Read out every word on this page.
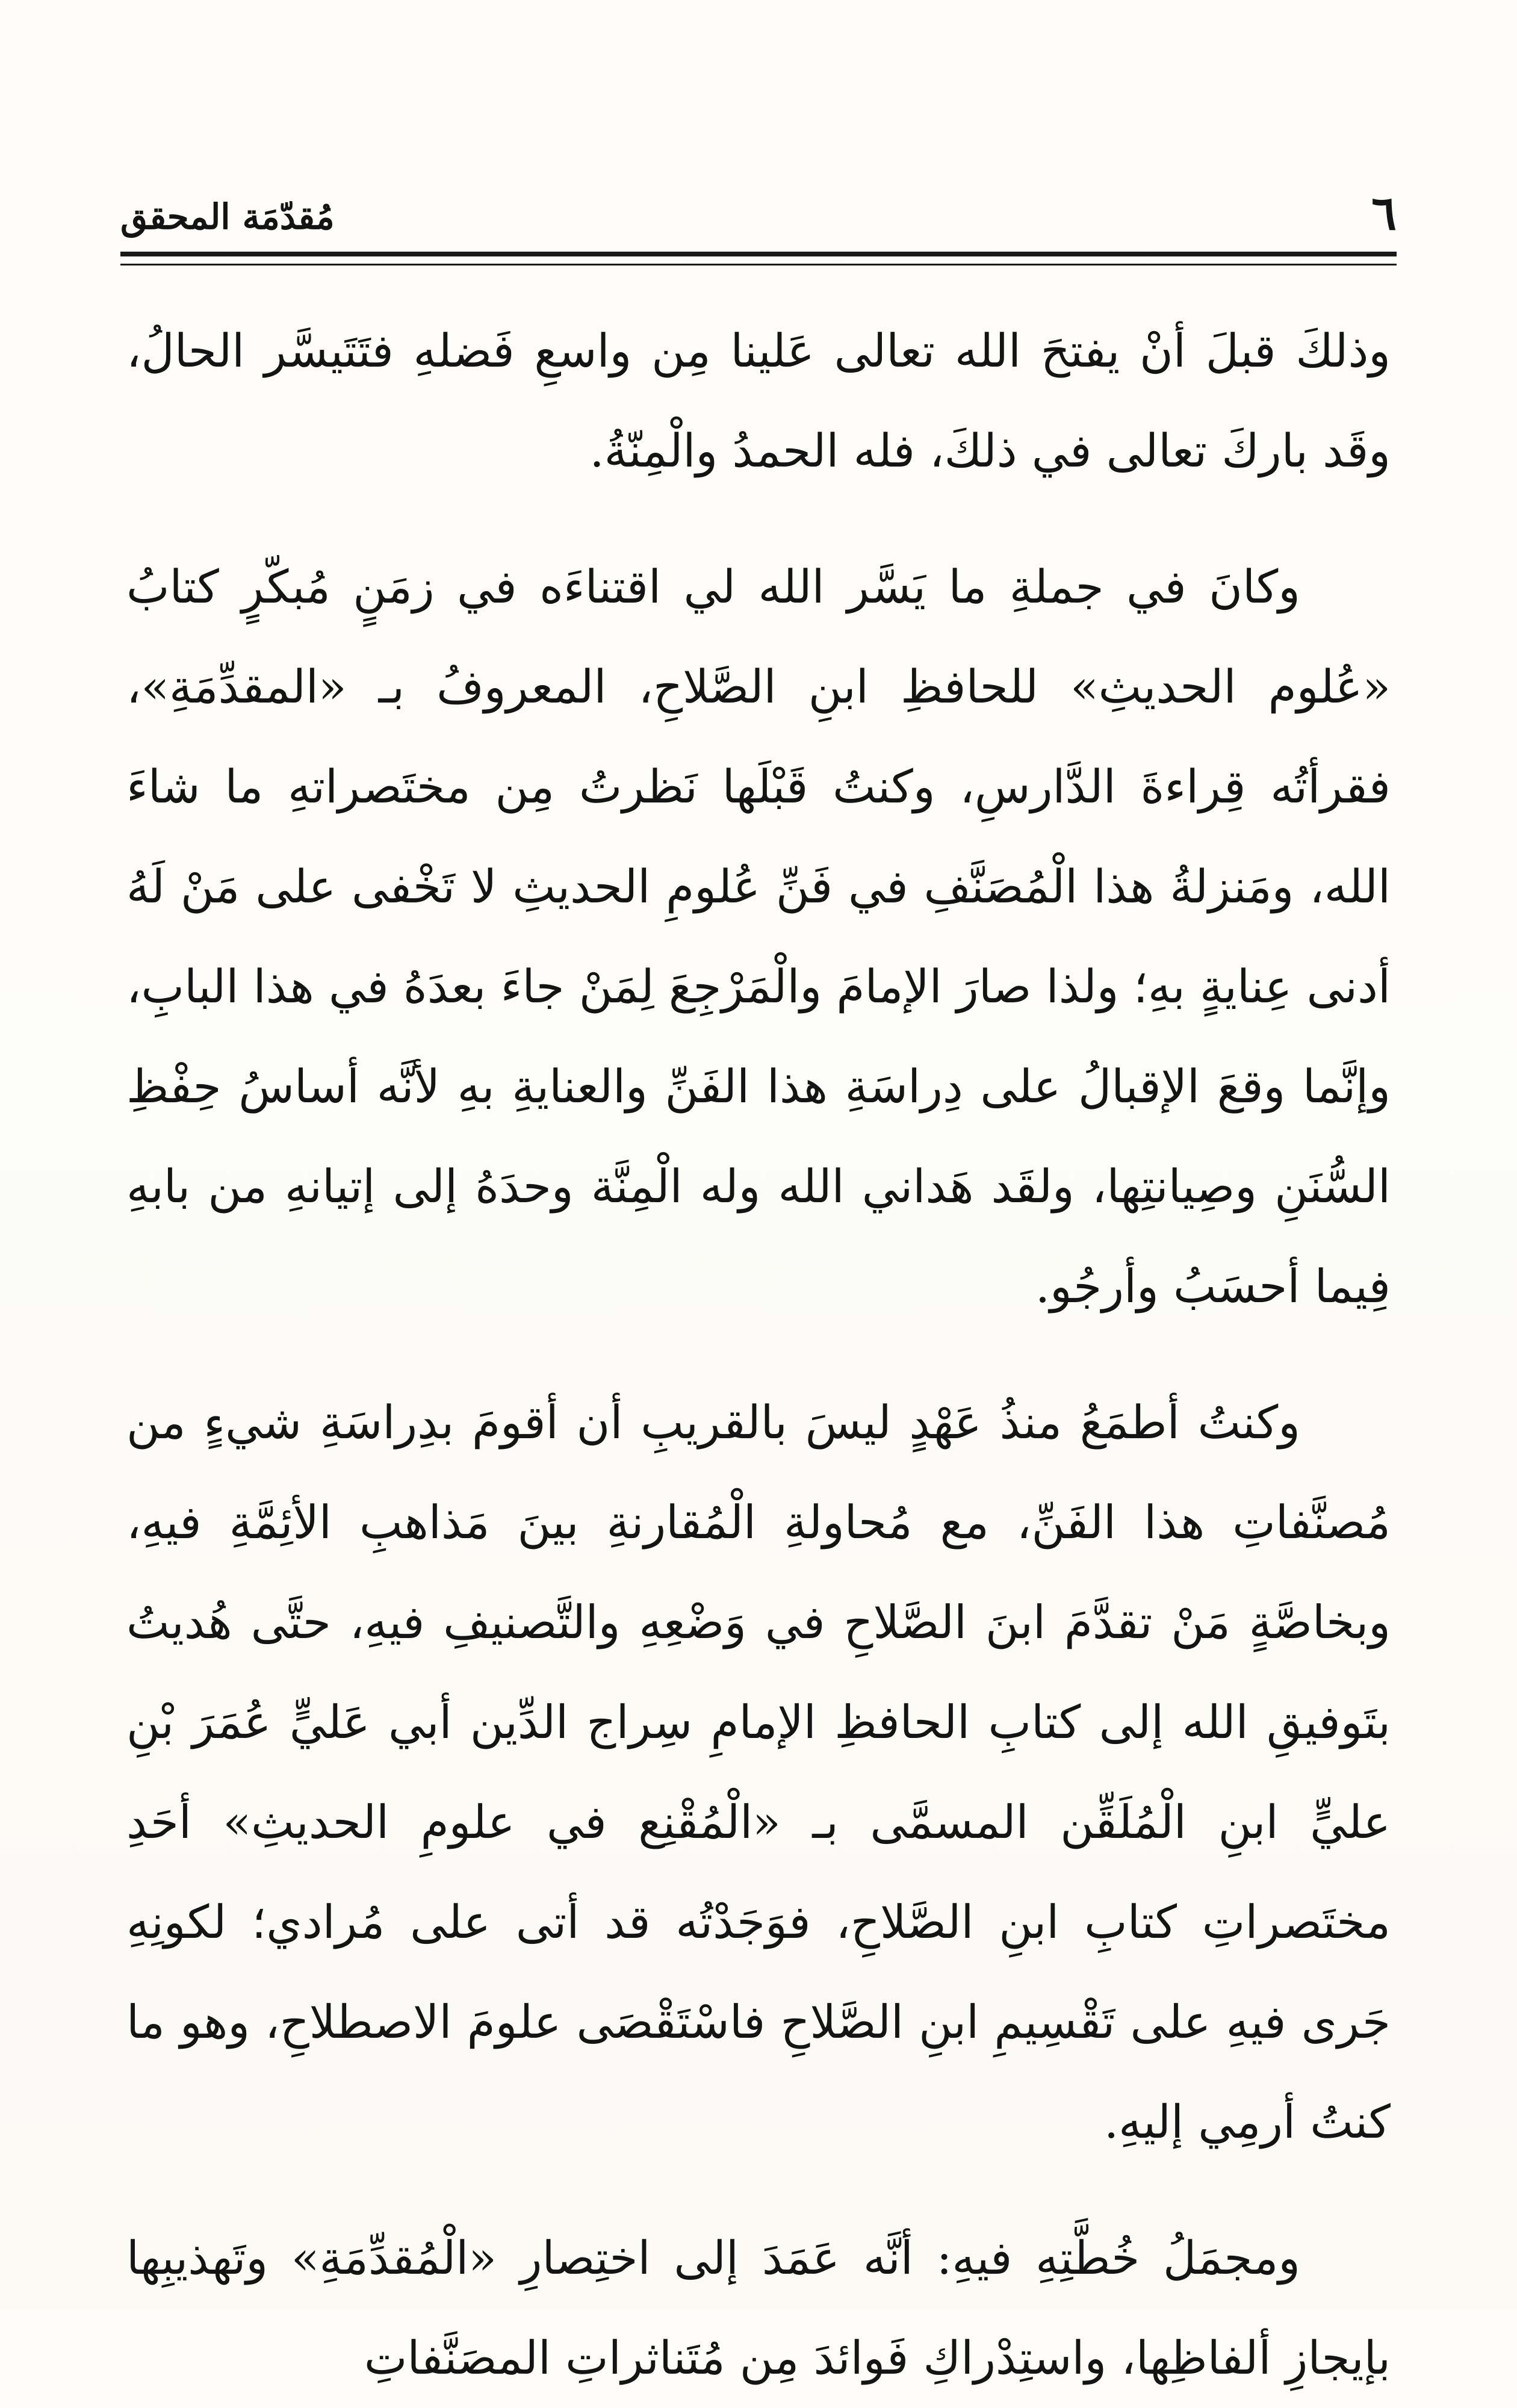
٦
مُقدّمَة المحقق

وذلكَ قبلَ أنْ يفتحَ الله تعالى عَلينا مِن واسعِ فَضلهِ فتَتَيسَّر الحالُ، وقَد باركَ تعالى في ذلكَ، فله الحمدُ والْمِنّةُ.

وكانَ في جملةِ ما يَسَّر الله لي اقتناءَه في زمَنٍ مُبكّرٍ كتابُ «عُلوم الحديثِ» للحافظِ ابنِ الصَّلاحِ، المعروفُ بـ «المقدِّمَةِ»، فقرأتُه قِراءةَ الدَّارسِ، وكنتُ قَبْلَها نَظرتُ مِن مختَصراتهِ ما شاءَ الله، ومَنزلةُ هذا الْمُصَنَّفِ في فَنِّ عُلومِ الحديثِ لا تَخْفى على مَنْ لَهُ أدنى عِنايةٍ بهِ؛ ولذا صارَ الإمامَ والْمَرْجِعَ لِمَنْ جاءَ بعدَهُ في هذا البابِ، وإنَّما وقعَ الإقبالُ على دِراسَةِ هذا الفَنِّ والعنايةِ بهِ لأنَّه أساسُ حِفْظِ السُّنَنِ وصِيانتِها، ولقَد هَداني الله وله الْمِنَّة وحدَهُ إلى إتيانهِ من بابهِ فِيما أحسَبُ وأرجُو.

وكنتُ أطمَعُ منذُ عَهْدٍ ليسَ بالقريبِ أن أقومَ بدِراسَةِ شيءٍ من مُصنَّفاتِ هذا الفَنِّ، مع مُحاولةِ الْمُقارنةِ بينَ مَذاهبِ الأئِمَّةِ فيهِ، وبخاصَّةٍ مَنْ تقدَّمَ ابنَ الصَّلاحِ في وَضْعِهِ والتَّصنيفِ فيهِ، حتَّى هُديتُ بتَوفيقِ الله إلى كتابِ الحافظِ الإمامِ سِراج الدِّين أبي عَليٍّ عُمَرَ بْنِ عليٍّ ابنِ الْمُلَقِّن المسمَّى بـ «الْمُقْنِع في علومِ الحديثِ» أحَدِ مختَصراتِ كتابِ ابنِ الصَّلاحِ، فوَجَدْتُه قد أتى على مُرادي؛ لكونِهِ جَرى فيهِ على تَقْسِيمِ ابنِ الصَّلاحِ فاسْتَقْصَى علومَ الاصطلاحِ، وهو ما كنتُ أرمِي إليهِ.

ومجمَلُ خُطَّتِهِ فيهِ: أنَّه عَمَدَ إلى اختِصارِ «الْمُقدِّمَةِ» وتَهذيبِها بإيجازِ ألفاظِها، واستِدْراكِ فَوائدَ مِن مُتَناثراتِ المصَنَّفاتِ
